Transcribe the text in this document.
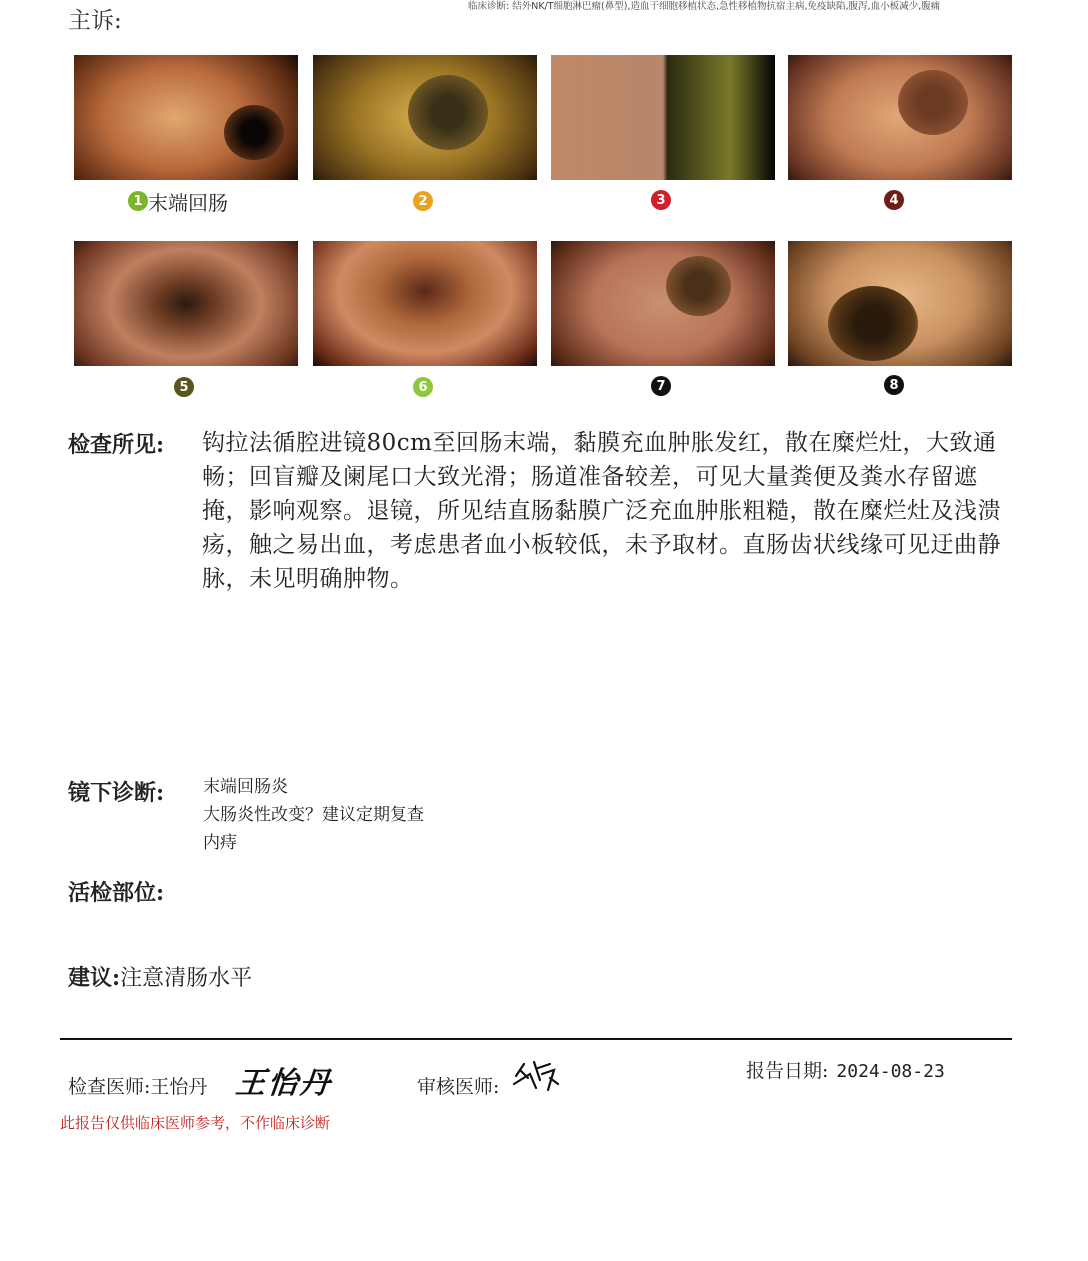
主诉:
临床诊断: 结外NK/T细胞淋巴瘤(鼻型),造血干细胞移植状态,急性移植物抗宿主病,免疫缺陷,腹泻,血小板减少,腹痛
1 末端回肠	2	3	4
5	6	7	8
检查所见: 钩拉法循腔进镜80cm至回肠末端，黏膜充血肿胀发红，散在糜烂灶，大致通畅；回盲瓣及阑尾口大致光滑；肠道准备较差，可见大量粪便及粪水存留遮掩，影响观察。退镜，所见结直肠黏膜广泛充血肿胀粗糙，散在糜烂灶及浅溃疡，触之易出血，考虑患者血小板较低，未予取材。直肠齿状线缘可见迂曲静脉，未见明确肿物。
镜下诊断: 末端回肠炎
大肠炎性改变？建议定期复查
内痔
活检部位:
建议:注意清肠水平
检查医师:王怡丹 王怡丹	审核医师:
报告日期: 2024-08-23
此报告仅供临床医师参考，不作临床诊断
